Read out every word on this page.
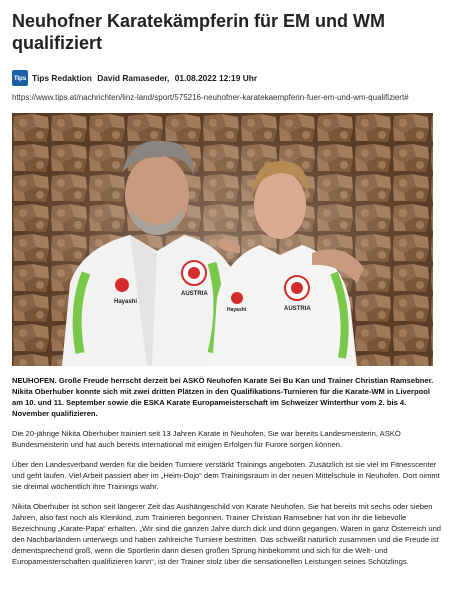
Neuhofner Karatekämpferin für EM und WM qualifiziert
Tips Tips Redaktion David Ramaseder, 01.08.2022 12:19 Uhr
https://www.tips.at/nachrichten/linz-land/sport/575216-neuhofner-karatekaempferin-fuer-em-und-wm-qualifiziert#
Hayashi
AUSTRIA
Hayashi	AUSTRIA
NEUHOFEN. Große Freude herrscht derzeit bei ASKÖ Neuhofen Karate Sei Bu Kan und Trainer Christian Ramsebner. Nikita Oberhuber konnte sich mit zwei dritten Plätzen in den Qualifikations-Turnieren für die Karate-WM in Liverpool am 10. und 11. September sowie die ESKA Karate Europameisterschaft im Schweizer Winterthur vom 2. bis 4. November qualifizieren.
Die 20-jährige Nikita Oberhuber trainiert seit 13 Jahren Karate in Neuhofen. Sie war bereits Landesmeisterin, ASKÖ Bundesmeisterin und hat auch bereits international mit einigen Erfolgen für Furore sorgen können.
Über den Landesverband werden für die beiden Turniere verstärkt Trainings angeboten. Zusätzlich ist sie viel im Fitnesscenter und geht laufen. Viel Arbeit passiert aber im „Heim-Dojo“ dem Trainingsraum in der neuen Mittelschule in Neuhofen. Dort nimmt sie dreimal wöchentlich ihre Trainings wahr.
Nikita Oberhuber ist schon seit längerer Zeit das Aushängeschild von Karate Neuhofen. Sie hat bereits mit sechs oder sieben Jahren, also fast noch als Kleinkind, zum Trainieren begonnen. Trainer Christian Ramsebner hat von ihr die liebevolle Bezeichnung „Karate-Papa“ erhalten. „Wir sind die ganzen Jahre durch dick und dünn gegangen. Waren in ganz Österreich und den Nachbarländern unterwegs und haben zahlreiche Turniere bestritten. Das schweißt natürlich zusammen und die Freude ist dementsprechend groß, wenn die Sportlerin dann diesen großen Sprung hinbekommt und sich für die Welt- und Europameisterschaften qualifizieren kann“, ist der Trainer stolz über die sensationellen Leistungen seines Schützlings.
